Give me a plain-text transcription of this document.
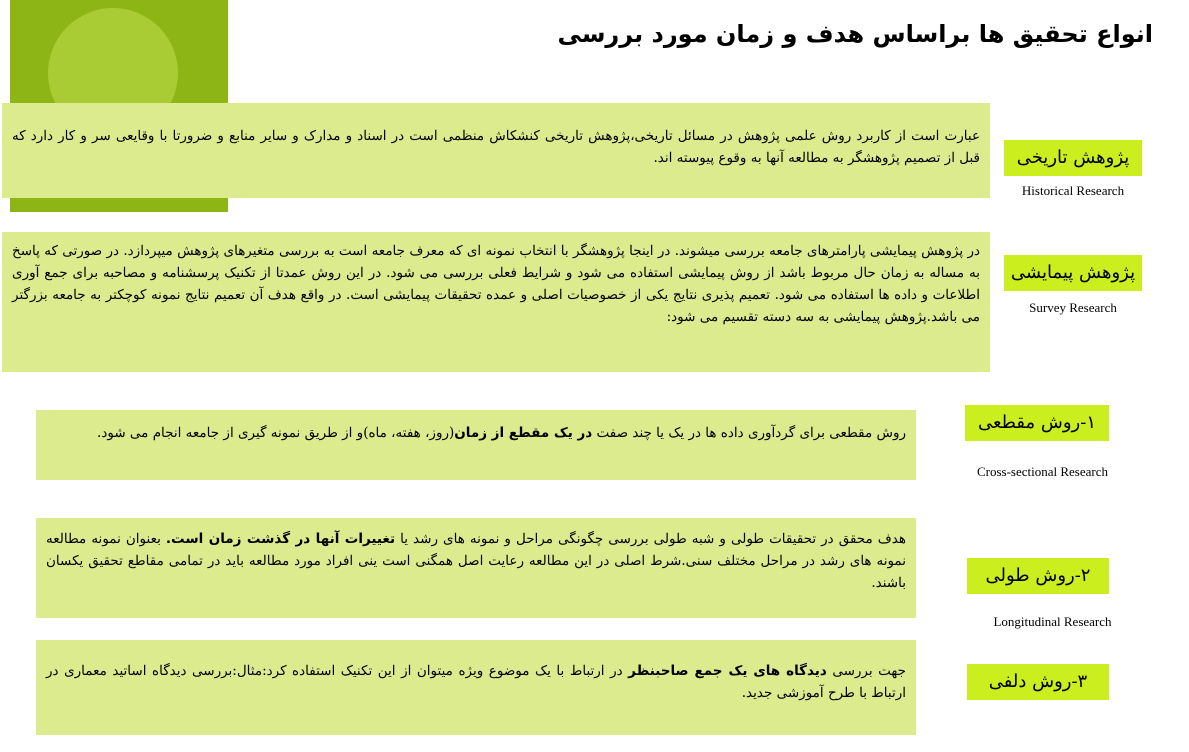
انواع تحقیق ها براساس هدف و زمان مورد بررسی
عبارت است از کاربرد روش علمی پژوهش در مسائل تاریخی،پژوهش تاریخی کنشکاش منظمی است در اسناد و مدارک و سایر منابع و ضرورتا با وقایعی سر و کار دارد که قبل از تصمیم پژوهشگر به مطالعه آنها به وقوع پیوسته اند.	پژوهش تاریخی
Historical Research
در پژوهش پیمایشی پارامترهای جامعه بررسی میشوند. در اینجا پژوهشگر با انتخاب نمونه ای که معرف جامعه است به بررسی متغیرهای پژوهش میپردازد. در صورتی که پاسخ به مساله به زمان حال مربوط باشد از روش پیمایشی استفاده می شود و شرایط فعلی بررسی می شود. در این روش عمدتا از تکنیک پرسشنامه و مصاحبه برای جمع آوری اطلاعات و داده ها استفاده می شود. تعمیم پذیری نتایج یکی از خصوصیات اصلی و عمده تحقیقات پیمایشی است. در واقع هدف آن تعمیم نتایج نمونه کوچکتر به جامعه بزرگتر می باشد.پژوهش پیمایشی به سه دسته تقسیم می شود:
پژوهش پیمایشی
Survey Research
روش مقطعی برای گردآوری داده ها در یک یا چند صفت در یک مقطع از زمان(روز، هفته، ماه)و از طریق نمونه گیری از جامعه انجام می شود.	۱-روش مقطعی
Cross-sectional Research
هدف محقق در تحقیقات طولی و شبه طولی بررسی چگونگی مراحل و نمونه های رشد یا تغییرات آنها در گذشت زمان است. بعنوان نمونه مطالعه نمونه های رشد در مراحل مختلف سنی.شرط اصلی در این مطالعه رعایت اصل همگنی است ینی افراد مورد مطالعه باید در تمامی مقاطع تحقیق یکسان باشند.	۲-روش طولی
Longitudinal Research
جهت بررسی دیدگاه های یک جمع صاحبنظر در ارتباط با یک موضوع ویژه میتوان از این تکنیک استفاده کرد:مثال:بررسی دیدگاه اساتید معماری در ارتباط با طرح آموزشی جدید.
۳-روش دلفی
